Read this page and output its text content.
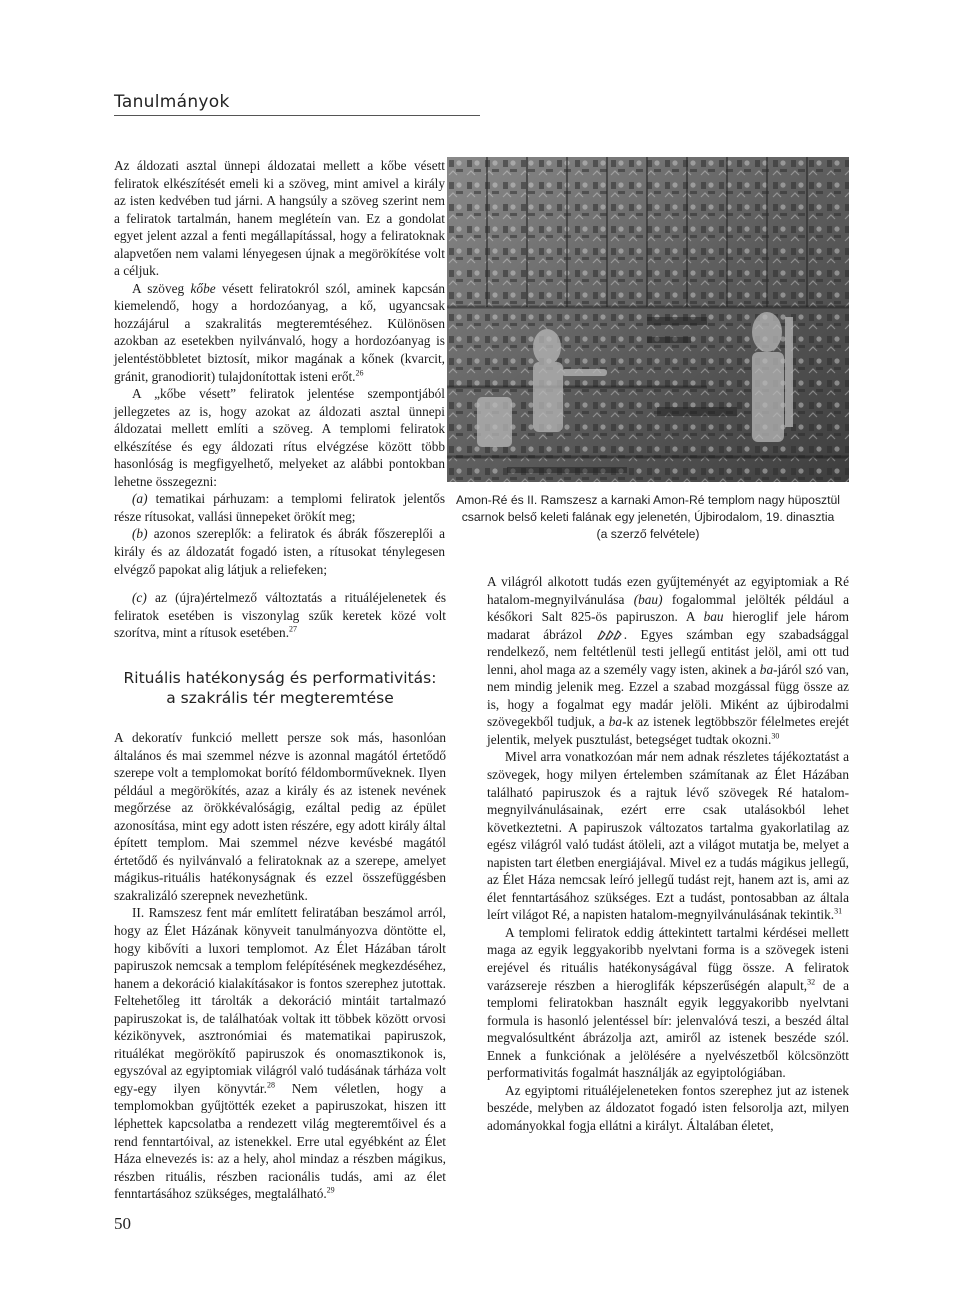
Tanulmányok

Az áldozati asztal ünnepi áldozatai mellett a kőbe vésett feliratok elkészítését emeli ki a szöveg, mint amivel a király az isten kedvében tud járni. A hangsúly a szöveg szerint nem a feliratok tartalmán, hanem megléteín van. Ez a gondolat egyet jelent azzal a fenti megállapítással, hogy a feliratoknak alapvetően nem valami lényegesen újnak a megörökítése volt a céljuk.

A szöveg kőbe vésett feliratokról szól, aminek kapcsán kiemelendő, hogy a hordozóanyag, a kő, ugyancsak hozzájárul a szakralitás megteremtéséhez. Különösen azokban az esetekben nyilvánvaló, hogy a hordozóanyag is jelentéstöbbletet biztosít, mikor magának a kőnek (kvarcit, gránit, granodiorit) tulajdonítottak isteni erőt.$^{26}$

A „kőbe vésett” feliratok jelentése szempontjából jellegzetes az is, hogy azokat az áldozati asztal ünnepi áldozatai mellett említi a szöveg. A templomi feliratok elkészítése és egy áldozati rítus elvégzése között több hasonlóság is megfigyelhető, melyeket az alábbi pontokban lehetne összegezni:

(a) tematikai párhuzam: a templomi feliratok jelentős része rítusokat, vallási ünnepeket örökít meg;

(b) azonos szereplők: a feliratok és ábrák főszereplői a király és az áldozatát fogadó isten, a rítusokat ténylegesen elvégző papokat alig látjuk a reliefeken;

(c) az (újra)értelmező változtatás a rituáléjelenetek és feliratok esetében is viszonylag szűk keretek közé volt szorítva, mint a rítusok esetében.$^{27}$

Rituális hatékonyság és performativitás:
a szakrális tér megteremtése

A dekoratív funkció mellett persze sok más, hasonlóan általános és mai szemmel nézve is azonnal magától értetődő szerepe volt a templomokat borító féldomborműveknek. Ilyen például a megörökítés, azaz a király és az istenek nevének megőrzése az örökkévalóságig, ezáltal pedig az épület azonosítása, mint egy adott isten részére, egy adott király által épített templom. Mai szemmel nézve kevésbé magától értetődő és nyilvánvaló a feliratoknak az a szerepe, amelyet mágikus-rituális hatékonyságnak és ezzel összefüggésben szakralizáló szerepnek nevezhetünk.

II. Ramszesz fent már említett feliratában beszámol arról, hogy az Élet Házának könyveit tanulmányozva döntötte el, hogy kibővíti a luxori templomot. Az Élet Házában tárolt papiruszok nemcsak a templom felépítésének megkezdéséhez, hanem a dekoráció kialakításakor is fontos szerephez jutottak. Feltehetőleg itt tárolták a dekoráció mintáit tartalmazó papiruszokat is, de találhatóak voltak itt többek között orvosi kézikönyvek, asztronómiai és matematikai papiruszok, rituálékat megörökítő papiruszok és onomasztikonok is, egyszóval az egyiptomiak világról való tudásának tárháza volt egy-egy ilyen könyvtár.$^{28}$ Nem véletlen, hogy a templomokban gyűjtötték ezeket a papiruszokat, hiszen itt léphettek kapcsolatba a rendezett világ megteremtőivel és a rend fenntartóival, az istenekkel. Erre utal egyébként az Élet Háza elnevezés is: az a hely, ahol mindaz a részben mágikus, részben rituális, részben racionális tudás, ami az élet fenntartásához szükséges, megtalálható.$^{29}$

Amon-Ré és II. Ramszesz a karnaki Amon-Ré templom nagy hüposztül
csarnok belső keleti falának egy jelenetén, Újbirodalom, 19. dinasztia
(a szerző felvétele)

A világról alkotott tudás ezen gyűjteményét az egyiptomiak a Ré hatalom-megnyilvánulása (bau) fogalommal jelölték például a későkori Salt 825-ös papiruszon. A bau hieroglif jele három madarat ábrázol . Egyes számban egy szabadsággal rendelkező, nem feltétlenül testi jellegű entitást jelöl, ami ott tud lenni, ahol maga az a személy vagy isten, akinek a ba-járól szó van, nem mindig jelenik meg. Ezzel a szabad mozgással függ össze az is, hogy a fogalmat egy madár jelöli. Miként az újbirodalmi szövegekből tudjuk, a ba-k az istenek legtöbbször félelmetes erejét jelentik, melyek pusztulást, betegséget tudtak okozni.$^{30}$

Mivel arra vonatkozóan már nem adnak részletes tájékoztatást a szövegek, hogy milyen értelemben számítanak az Élet Házában található papiruszok és a rajtuk lévő szövegek Ré hatalom-megnyilvánulásainak, ezért erre csak utalásokból lehet következtetni. A papiruszok változatos tartalma gyakorlatilag az egész világról való tudást átöleli, azt a világot mutatja be, melyet a napisten tart életben energiájával. Mivel ez a tudás mágikus jellegű, az Élet Háza nemcsak leíró jellegű tudást rejt, hanem azt is, ami az élet fenntartásához szükséges. Ezt a tudást, pontosabban az általa leírt világot Ré, a napisten hatalom-megnyilvánulásának tekintik.$^{31}$

A templomi feliratok eddig áttekintett tartalmi kérdései mellett maga az egyik leggyakoribb nyelvtani forma is a szövegek isteni erejével és rituális hatékonyságával függ össze. A feliratok varázsereje részben a hieroglifák képszerűségén alapult,$^{32}$ de a templomi feliratokban használt egyik leggyakoribb nyelvtani formula is hasonló jelentéssel bír: jelenvalóvá teszi, a beszéd által megvalósultként ábrázolja azt, amiről az istenek beszéde szól. Ennek a funkciónak a jelölésére a nyelvészetből kölcsönzött performativitás fogalmát használják az egyiptológiában.

Az egyiptomi rituáléjeleneteken fontos szerephez jut az istenek beszéde, melyben az áldozatot fogadó isten felsorolja azt, milyen adományokkal fogja ellátni a királyt. Általában életet,

50
